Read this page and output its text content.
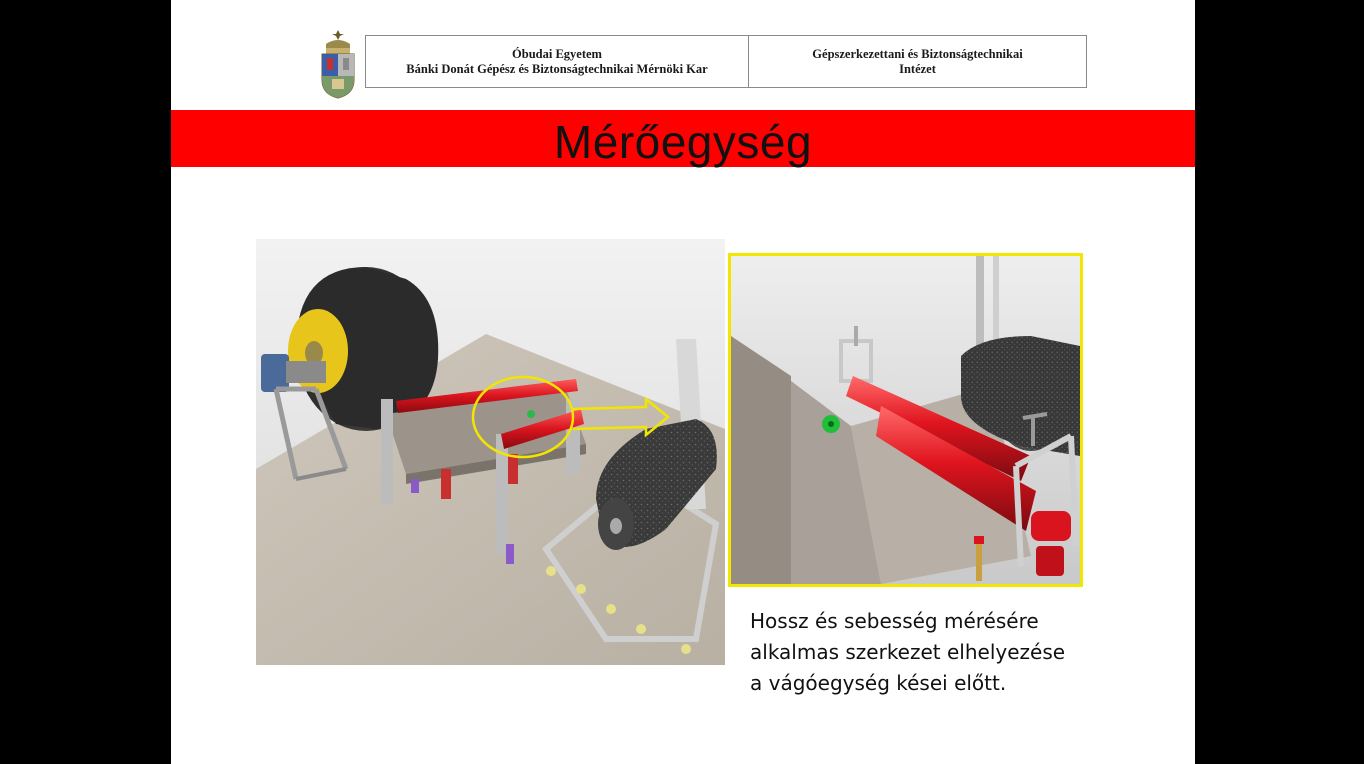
Óbudai Egyetem
Bánki Donát Gépész és Biztonságtechnikai Mérnöki Kar
Gépszerkezettani és Biztonságtechnikai
Intézet
Mérőegység
Hossz és sebesség mérésére
alkalmas szerkezet elhelyezése
a vágóegység kései előtt.
